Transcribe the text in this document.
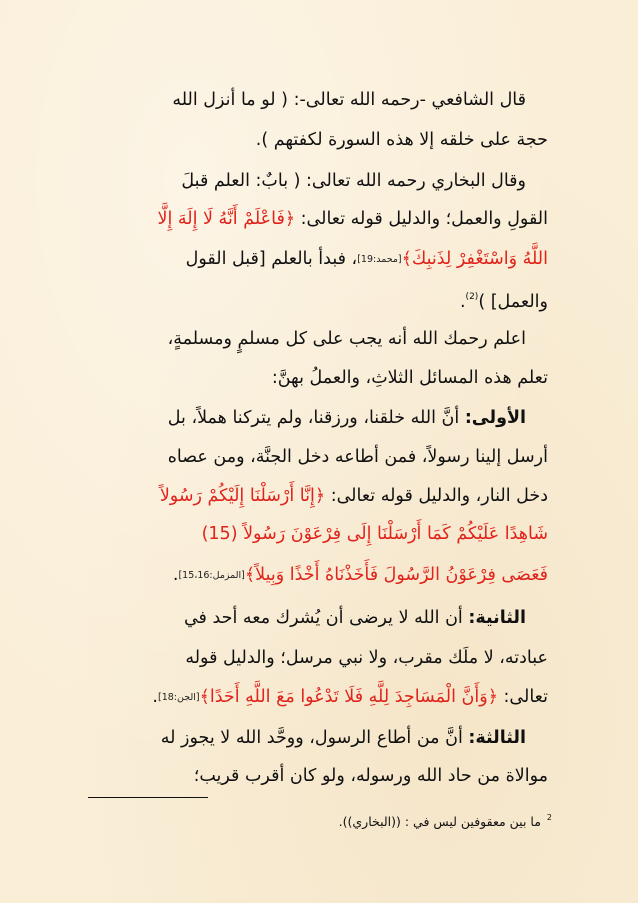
قال الشافعي -رحمه الله تعالى-: ( لو ما أنزل الله
حجة على خلقه إلا هذه السورة لكفتهم ).
وقال البخاري رحمه الله تعالى: ( بابٌ: العلم قبلَ
القولِ والعمل؛ والدليل قوله تعالى: ﴿فَاعْلَمْ أَنَّهُ لَا إِلَهَ إِلَّا
اللَّهُ وَاسْتَغْفِرْ لِذَنبِكَ﴾[محمد:19]، فبدأ بالعلم [قبل القول
والعمل] )$^{(2)}$.
اعلم رحمك الله أنه يجب على كل مسلمٍ ومسلمةٍ،
تعلم هذه المسائل الثلاثِ، والعملُ بهنَّ:
الأولى: أنَّ الله خلقنا، ورزقنا، ولم يتركنا هملاً، بل
أرسل إلينا رسولاً، فمن أطاعه دخل الجنَّة، ومن عصاه
دخل النار، والدليل قوله تعالى: ﴿إِنَّا أَرْسَلْنَا إِلَيْكُمْ رَسُولاً
شَاهِدًا عَلَيْكُمْ كَمَا أَرْسَلْنَا إِلَى فِرْعَوْنَ رَسُولاً (15)
فَعَصَى فِرْعَوْنُ الرَّسُولَ فَأَخَذْنَاهُ أَخْذًا وَبِيلاً﴾[المزمل:15،16].
الثانية: أن الله لا يرضى أن يُشرك معه أحد في
عبادته، لا ملَك مقرب، ولا نبي مرسل؛ والدليل قوله
تعالى: ﴿وَأَنَّ الْمَسَاجِدَ لِلَّهِ فَلَا تَدْعُوا مَعَ اللَّهِ أَحَدًا﴾[الجن:18].
الثالثة: أنَّ من أطاع الرسول، ووحَّد الله لا يجوز له
موالاة من حاد الله ورسوله، ولو كان أقرب قريب؛
$^2$ما بين معقوفين ليس في : ((البخاري)).
